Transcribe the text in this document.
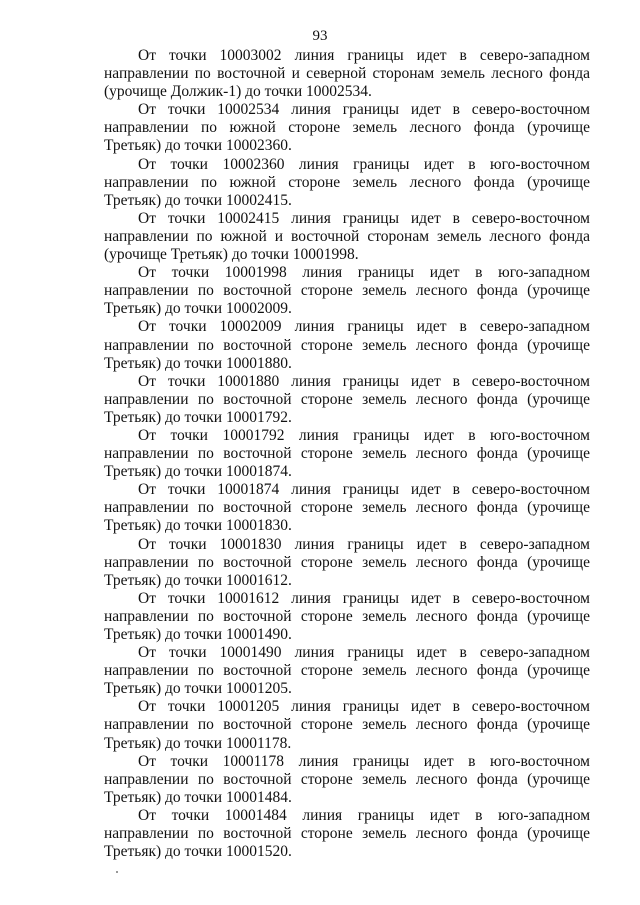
93

От точки 10003002 линия границы идет в северо-западном направлении по восточной и северной сторонам земель лесного фонда (урочище Должик-1) до точки 10002534.

От точки 10002534 линия границы идет в северо-восточном направлении по южной стороне земель лесного фонда (урочище Третьяк) до точки 10002360.

От точки 10002360 линия границы идет в юго-восточном направлении по южной стороне земель лесного фонда (урочище Третьяк) до точки 10002415.

От точки 10002415 линия границы идет в северо-восточном направлении по южной и восточной сторонам земель лесного фонда (урочище Третьяк) до точки 10001998.

От точки 10001998 линия границы идет в юго-западном направлении по восточной стороне земель лесного фонда (урочище Третьяк) до точки 10002009.

От точки 10002009 линия границы идет в северо-западном направлении по восточной стороне земель лесного фонда (урочище Третьяк) до точки 10001880.

От точки 10001880 линия границы идет в северо-восточном направлении по восточной стороне земель лесного фонда (урочище Третьяк) до точки 10001792.

От точки 10001792 линия границы идет в юго-восточном направлении по восточной стороне земель лесного фонда (урочище Третьяк) до точки 10001874.

От точки 10001874 линия границы идет в северо-восточном направлении по восточной стороне земель лесного фонда (урочище Третьяк) до точки 10001830.

От точки 10001830 линия границы идет в северо-западном направлении по восточной стороне земель лесного фонда (урочище Третьяк) до точки 10001612.

От точки 10001612 линия границы идет в северо-восточном направлении по восточной стороне земель лесного фонда (урочище Третьяк) до точки 10001490.

От точки 10001490 линия границы идет в северо-западном направлении по восточной стороне земель лесного фонда (урочище Третьяк) до точки 10001205.

От точки 10001205 линия границы идет в северо-восточном направлении по восточной стороне земель лесного фонда (урочище Третьяк) до точки 10001178.

От точки 10001178 линия границы идет в юго-восточном направлении по восточной стороне земель лесного фонда (урочище Третьяк) до точки 10001484.

От точки 10001484 линия границы идет в юго-западном направлении по восточной стороне земель лесного фонда (урочище Третьяк) до точки 10001520.
